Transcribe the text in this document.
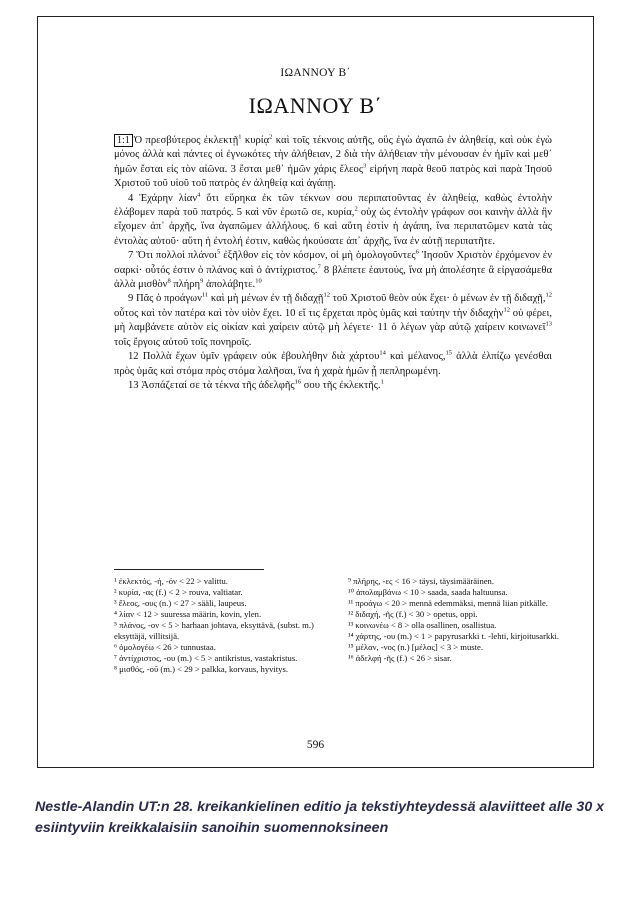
ΙΩΑΝΝΟΥ Β΄
ΙΩΑΝΝΟΥ Β΄

1:1 Ὁ πρεσβύτερος ἐκλεκτῇ$^1$ κυρίᾳ$^2$ καὶ τοῖς τέκνοις αὐτῆς, οὓς ἐγὼ ἀγαπῶ ἐν ἀληθείᾳ, καὶ οὐκ ἐγὼ μόνος ἀλλὰ καὶ πάντες οἱ ἐγνωκότες τὴν ἀλήθειαν, 2 διὰ τὴν ἀλήθειαν τὴν μένουσαν ἐν ἡμῖν καὶ μεθ᾽ ἡμῶν ἔσται εἰς τὸν αἰῶνα. 3 ἔσται μεθ᾽ ἡμῶν χάρις ἔλεος$^3$ εἰρήνη παρὰ θεοῦ πατρὸς καὶ παρὰ Ἰησοῦ Χριστοῦ τοῦ υἱοῦ τοῦ πατρὸς ἐν ἀληθείᾳ καὶ ἀγάπῃ.

4 Ἐχάρην λίαν$^4$ ὅτι εὕρηκα ἐκ τῶν τέκνων σου περιπατοῦντας ἐν ἀληθείᾳ, καθὼς ἐντολὴν ἐλάβομεν παρὰ τοῦ πατρός. 5 καὶ νῦν ἐρωτῶ σε, κυρία,$^2$ οὐχ ὡς ἐντολὴν γράφων σοι καινὴν ἀλλὰ ἣν εἴχομεν ἀπ᾽ ἀρχῆς, ἵνα ἀγαπῶμεν ἀλλήλους. 6 καὶ αὕτη ἐστὶν ἡ ἀγάπη, ἵνα περιπατῶμεν κατὰ τὰς ἐντολὰς αὐτοῦ· αὕτη ἡ ἐντολή ἐστιν, καθὼς ἠκούσατε ἀπ᾽ ἀρχῆς, ἵνα ἐν αὐτῇ περιπατῆτε.

7 Ὅτι πολλοὶ πλάνοι$^5$ ἐξῆλθον εἰς τὸν κόσμον, οἱ μὴ ὁμολογοῦντες$^6$ Ἰησοῦν Χριστὸν ἐρχόμενον ἐν σαρκί· οὗτός ἐστιν ὁ πλάνος καὶ ὁ ἀντίχριστος.$^7$ 8 βλέπετε ἑαυτούς, ἵνα μὴ ἀπολέσητε ἃ εἰργασάμεθα ἀλλὰ μισθὸν$^8$ πλήρη$^9$ ἀπολάβητε.$^{10}$

9 Πᾶς ὁ προάγων$^{11}$ καὶ μὴ μένων ἐν τῇ διδαχῇ$^{12}$ τοῦ Χριστοῦ θεὸν οὐκ ἔχει· ὁ μένων ἐν τῇ διδαχῇ,$^{12}$ οὗτος καὶ τὸν πατέρα καὶ τὸν υἱὸν ἔχει. 10 εἴ τις ἔρχεται πρὸς ὑμᾶς καὶ ταύτην τὴν διδαχὴν$^{12}$ οὐ φέρει, μὴ λαμβάνετε αὐτὸν εἰς οἰκίαν καὶ χαίρειν αὐτῷ μὴ λέγετε· 11 ὁ λέγων γὰρ αὐτῷ χαίρειν κοινωνεῖ$^{13}$ τοῖς ἔργοις αὐτοῦ τοῖς πονηροῖς.

12 Πολλὰ ἔχων ὑμῖν γράφειν οὐκ ἐβουλήθην διὰ χάρτου$^{14}$ καὶ μέλανος,$^{15}$ ἀλλὰ ἐλπίζω γενέσθαι πρὸς ὑμᾶς καὶ στόμα πρὸς στόμα λαλῆσαι, ἵνα ἡ χαρὰ ἡμῶν ᾖ πεπληρωμένη.

13 Ἀσπάζεταί σε τὰ τέκνα τῆς ἀδελφῆς$^{16}$ σου τῆς ἐκλεκτῆς.$^1$

¹ ἐκλεκτός, -ή, -όν < 22 > valittu.
² κυρία, -ας (f.) < 2 > rouva, valtiatar.
³ ἔλεος, -ους (n.) < 27 > sääli, laupeus.
⁴ λίαν < 12 > suuressa määrin, kovin, ylen.
⁵ πλάνος, -ον < 5 > harhaan johtava, eksyttävä, (subst. m.) eksyttäjä, villitsijä.
⁶ ὁμολογέω < 26 > tunnustaa.
⁷ ἀντίχριστος, -ου (m.) < 5 > antikristus, vastakristus.
⁸ μισθός, -οῦ (m.) < 29 > palkka, korvaus, hyvitys.
⁹ πλήρης, -ες < 16 > täysi, täysimääräinen.
¹⁰ ἀπολαμβάνω < 10 > saada, saada haltuunsa.
¹¹ προάγω < 20 > mennä edemmäksi, mennä liian pitkälle.
¹² διδαχή, -ῆς (f.) < 30 > opetus, oppi.
¹³ κοινωνέω < 8 > olla osallinen, osallistua.
¹⁴ χάρτης, -ου (m.) < 1 > papyrusarkki t. -lehti, kirjoitusarkki.
¹⁵ μέλαν, -νος (n.) [μέλας] < 3 > muste.
¹⁶ ἀδελφή -ῆς (f.) < 26 > sisar.
596
Nestle-Alandin UT:n 28. kreikankielinen editio ja tekstiyhteydessä alaviitteet alle 30 x esiintyviin kreikkalaisiin sanoihin suomennoksineen
